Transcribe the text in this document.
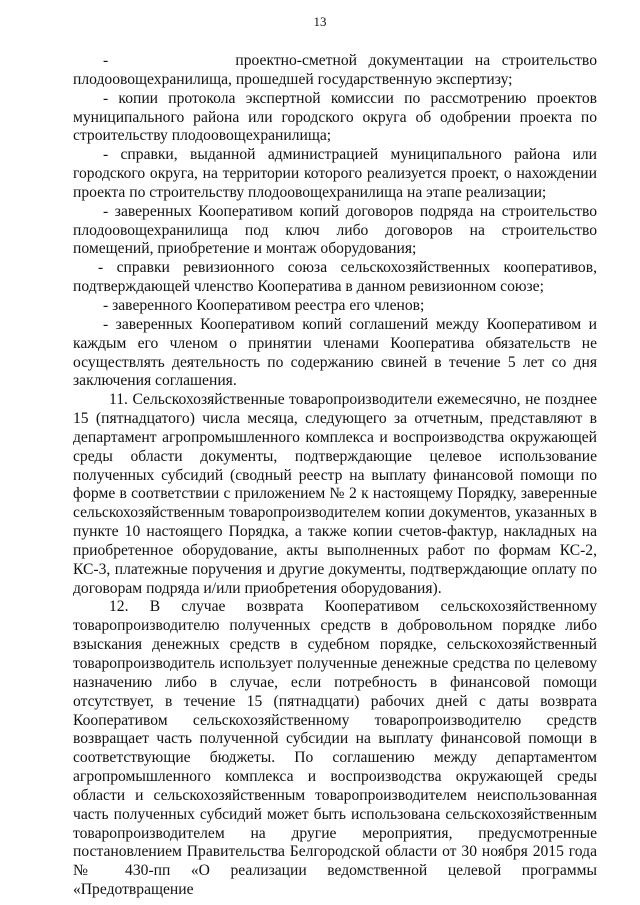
13

-           проектно-сметной документации на строительство плодоовощехранилища, прошедшей государственную экспертизу;

- копии протокола экспертной комиссии по рассмотрению проектов муниципального района или городского округа об одобрении проекта по строительству плодоовощехранилища;

- справки, выданной администрацией муниципального района или городского округа, на территории которого реализуется проект, о нахождении проекта по строительству плодоовощехранилища на этапе реализации;

- заверенных Кооперативом копий договоров подряда на строительство плодоовощехранилища под ключ либо договоров на строительство помещений, приобретение и монтаж оборудования;

- справки ревизионного союза сельскохозяйственных кооперативов, подтверждающей членство Кооператива в данном ревизионном союзе;

- заверенного Кооперативом реестра его членов;

- заверенных Кооперативом копий соглашений между Кооперативом и каждым его членом о принятии членами Кооператива обязательств не осуществлять деятельность по содержанию свиней в течение 5 лет со дня заключения соглашения.

11. Сельскохозяйственные товаропроизводители ежемесячно, не позднее 15 (пятнадцатого) числа месяца, следующего за отчетным, представляют в департамент агропромышленного комплекса и воспроизводства окружающей среды области документы, подтверждающие целевое использование полученных субсидий (сводный реестр на выплату финансовой помощи по форме в соответствии с приложением № 2 к настоящему Порядку, заверенные сельскохозяйственным товаропроизводителем копии документов, указанных в пункте 10 настоящего Порядка, а также копии счетов-фактур, накладных на приобретенное оборудование, акты выполненных работ по формам КС-2, КС-3, платежные поручения и другие документы, подтверждающие оплату по договорам подряда и/или приобретения оборудования).

12. В случае возврата Кооперативом сельскохозяйственному товаропроизводителю полученных средств в добровольном порядке либо взыскания денежных средств в судебном порядке, сельскохозяйственный товаропроизводитель использует полученные денежные средства по целевому назначению либо в случае, если потребность в финансовой помощи отсутствует, в течение 15 (пятнадцати) рабочих дней с даты возврата Кооперативом сельскохозяйственному товаропроизводителю средств возвращает часть полученной субсидии на выплату финансовой помощи в соответствующие бюджеты. По соглашению между департаментом агропромышленного комплекса и воспроизводства окружающей среды области и сельскохозяйственным товаропроизводителем неиспользованная часть полученных субсидий может быть использована сельскохозяйственным товаропроизводителем на другие мероприятия, предусмотренные постановлением Правительства Белгородской области от 30 ноября 2015 года № 430-пп «О реализации ведомственной целевой программы «Предотвращение
